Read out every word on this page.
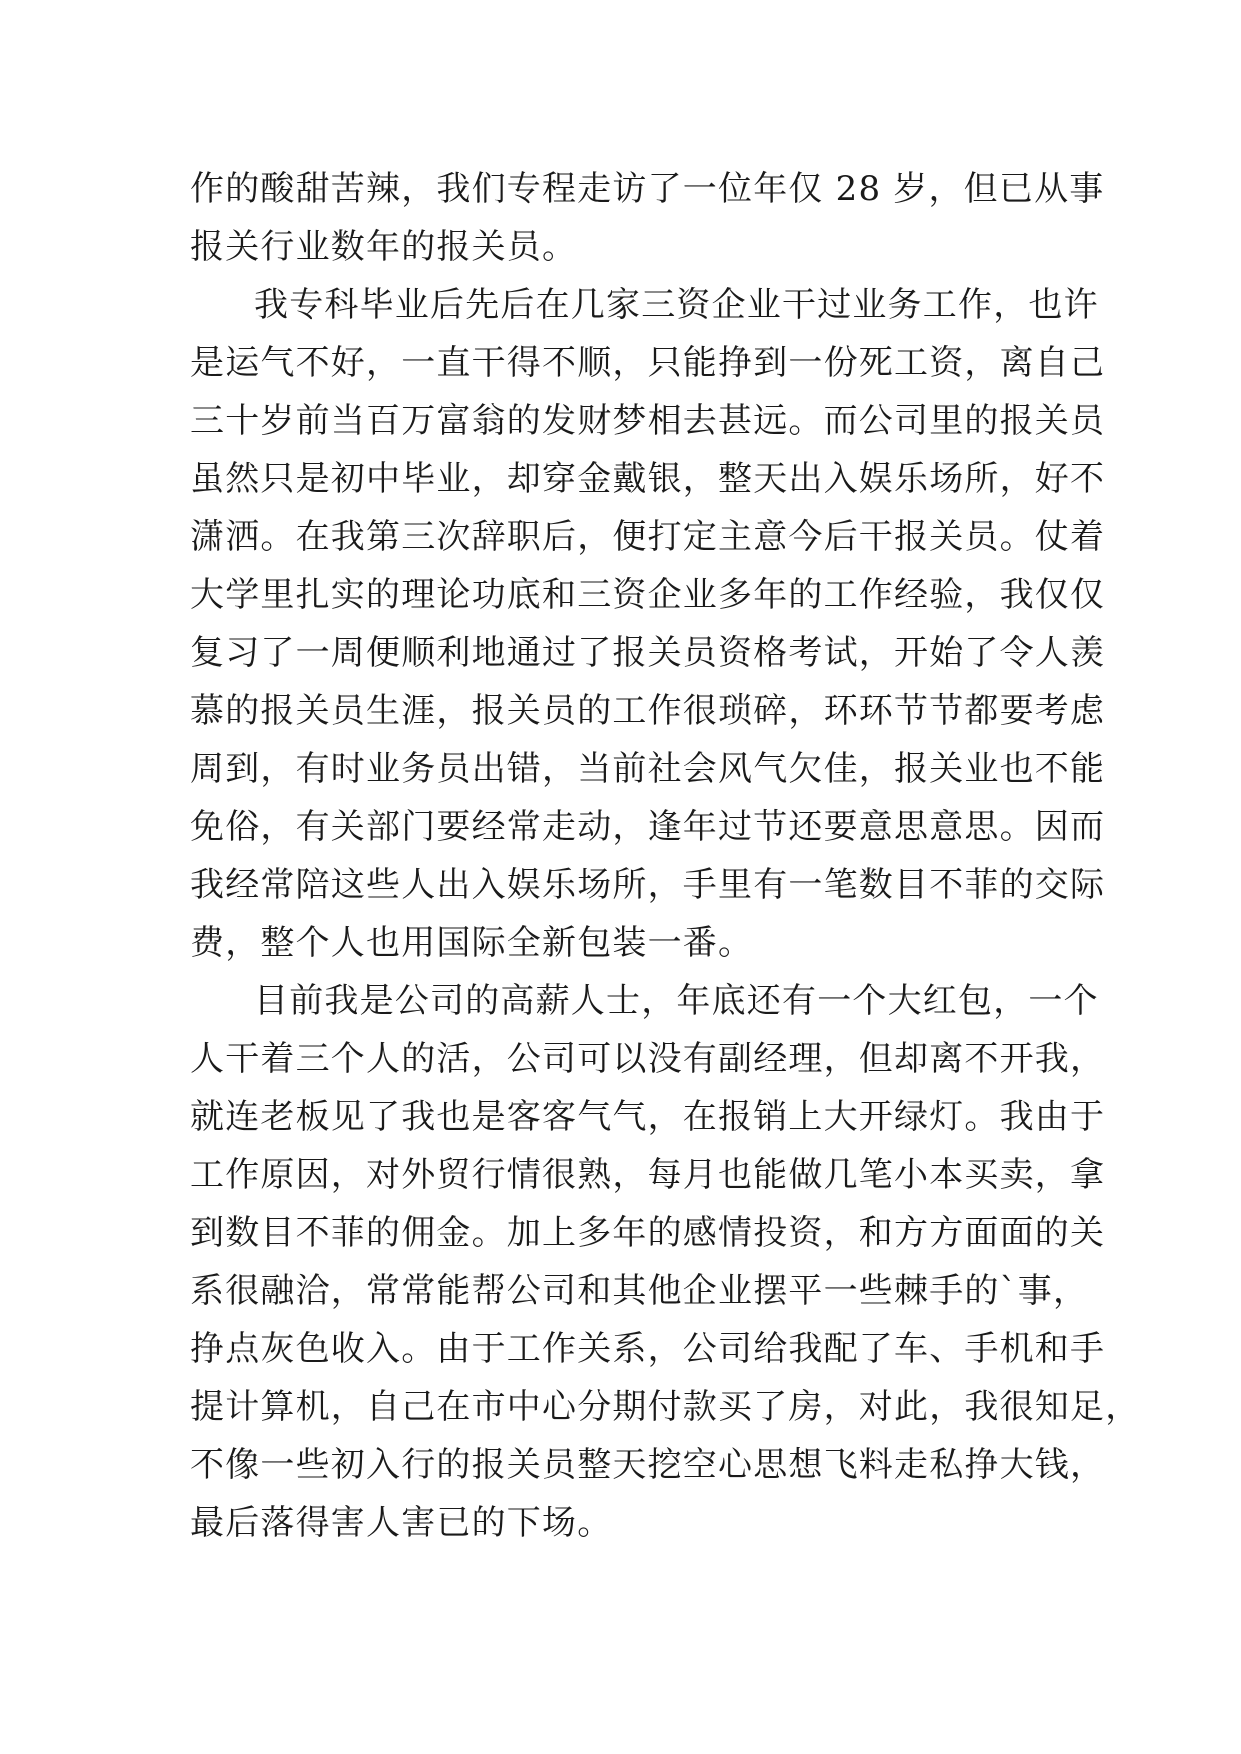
作的酸甜苦辣，我们专程走访了一位年仅 28 岁，但已从事
报关行业数年的报关员。
我专科毕业后先后在几家三资企业干过业务工作，也许
是运气不好，一直干得不顺，只能挣到一份死工资，离自己
三十岁前当百万富翁的发财梦相去甚远。而公司里的报关员
虽然只是初中毕业，却穿金戴银，整天出入娱乐场所，好不
潇洒。在我第三次辞职后，便打定主意今后干报关员。仗着
大学里扎实的理论功底和三资企业多年的工作经验，我仅仅
复习了一周便顺利地通过了报关员资格考试，开始了令人羡
慕的报关员生涯，报关员的工作很琐碎，环环节节都要考虑
周到，有时业务员出错，当前社会风气欠佳，报关业也不能
免俗，有关部门要经常走动，逢年过节还要意思意思。因而
我经常陪这些人出入娱乐场所，手里有一笔数目不菲的交际
费，整个人也用国际全新包装一番。
目前我是公司的高薪人士，年底还有一个大红包，一个
人干着三个人的活，公司可以没有副经理，但却离不开我，
就连老板见了我也是客客气气，在报销上大开绿灯。我由于
工作原因，对外贸行情很熟，每月也能做几笔小本买卖，拿
到数目不菲的佣金。加上多年的感情投资，和方方面面的关
系很融洽，常常能帮公司和其他企业摆平一些棘手的`事，
挣点灰色收入。由于工作关系，公司给我配了车、手机和手
提计算机，自己在市中心分期付款买了房，对此，我很知足，
不像一些初入行的报关员整天挖空心思想飞料走私挣大钱，
最后落得害人害已的下场。
